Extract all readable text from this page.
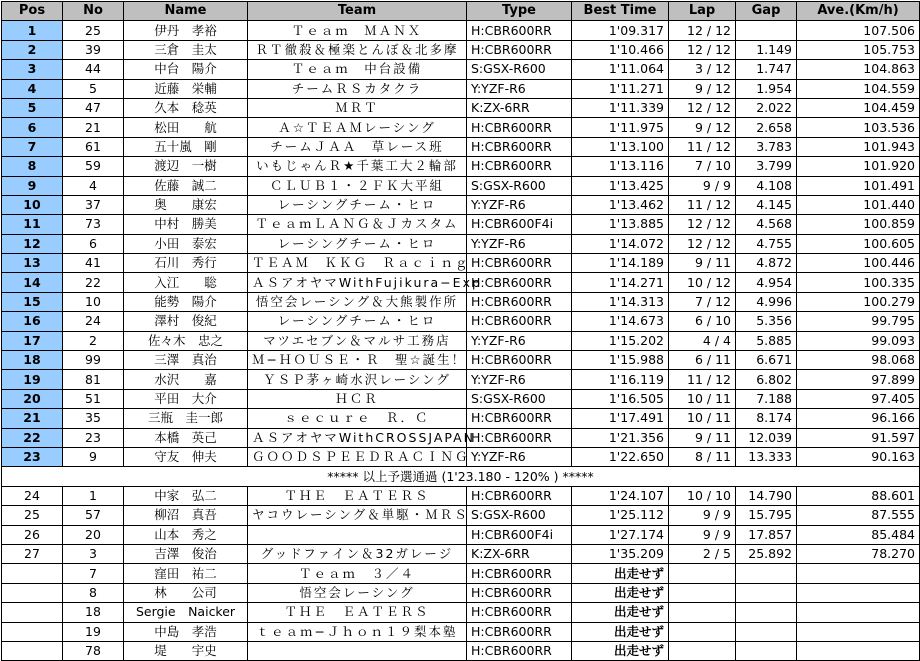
Pos	No	Name	Team	Type	Best Time	Lap	Gap	Ave.(Km/h)
1	25	伊丹　孝裕	Ｔｅａｍ　ＭＡＮＸ	H:CBR600RR	1'09.317	12 / 12		107.506
2	39	三倉　圭太	ＲＴ徹殺＆極楽とんぼ＆北多摩	H:CBR600RR	1'10.466	12 / 12	1.149	105.753
3	44	中台　陽介	Ｔｅａｍ　中台設備	S:GSX-R600	1'11.064	3 / 12	1.747	104.863
4	5	近藤　栄輔	チームＲＳカタクラ	Y:YZF-R6	1'11.271	9 / 12	1.954	104.559
5	47	久本　稔英	ＭＲＴ	K:ZX-6RR	1'11.339	12 / 12	2.022	104.459
6	21	松田　　航	Ａ☆ＴＥＡＭレーシング	H:CBR600RR	1'11.975	9 / 12	2.658	103.536
7	61	五十嵐　剛	チームＪＡＡ　草レース班	H:CBR600RR	1'13.100	11 / 12	3.783	101.943
8	59	渡辺　一樹	いもじゃんＲ★千葉工大２輪部	H:CBR600RR	1'13.116	7 / 10	3.799	101.920
9	4	佐藤　誠二	ＣＬＵＢ１・２ＦＫ大平組	S:GSX-R600	1'13.425	9 / 9	4.108	101.491
10	37	奥　　康宏	レーシングチーム・ヒロ	Y:YZF-R6	1'13.462	11 / 12	4.145	101.440
11	73	中村　勝美	ＴｅａｍＬＡＮＧ＆Ｊカスタム	H:CBR600F4i	1'13.885	12 / 12	4.568	100.859
12	6	小田　泰宏	レーシングチーム・ヒロ	Y:YZF-R6	1'14.072	12 / 12	4.755	100.605
13	41	石川　秀行	ＴＥＡＭ　ＫＫＧ　Ｒａｃｉｎｇ	H:CBR600RR	1'14.189	9 / 11	4.872	100.446
14	22	入江　　聡	ＡＳアオヤマWithFujikura−Exp	H:CBR600RR	1'14.271	10 / 12	4.954	100.335
15	10	能勢　陽介	悟空会レーシング＆大熊製作所	H:CBR600RR	1'14.313	7 / 12	4.996	100.279
16	24	澤村　俊紀	レーシングチーム・ヒロ	H:CBR600RR	1'14.673	6 / 10	5.356	99.795
17	2	佐々木　忠之	マツエセブン＆マルサ工務店	Y:YZF-R6	1'15.202	4 / 4	5.885	99.093
18	99	三澤　真治	Ｍ−ＨＯＵＳＥ・Ｒ　聖☆誕生！	H:CBR600RR	1'15.988	6 / 11	6.671	98.068
19	81	水沢　　嘉	ＹＳＰ茅ヶ崎水沢レーシング	Y:YZF-R6	1'16.119	11 / 12	6.802	97.899
20	51	平田　大介	ＨＣＲ	S:GSX-R600	1'16.505	10 / 11	7.188	97.405
21	35	三瓶　圭一郎	ｓｅｃｕｒｅ　Ｒ．Ｃ	H:CBR600RR	1'17.491	10 / 11	8.174	96.166
22	23	本橋　英己	ＡＳアオヤマWithCROSSJAPAN	H:CBR600RR	1'21.356	9 / 11	12.039	91.597
23	9	守友　伸夫	ＧＯＯＤＳＰＥＥＤＲＡＣＩＮＧ	Y:YZF-R6	1'22.650	8 / 11	13.333	90.163
***** 以上予選通過 (1'23.180 - 120% ) *****								
24	1	中家　弘二	ＴＨＥ　ＥＡＴＥＲＳ	H:CBR600RR	1'24.107	10 / 10	14.790	88.601
25	57	柳沼　真吾	ヤコウレーシング＆単駆・ＭＲＳ	S:GSX-R600	1'25.112	9 / 9	15.795	87.555
26	20	山本　秀之		H:CBR600F4i	1'27.174	9 / 9	17.857	85.484
27	3	吉澤　俊治	グッドファイン＆32ガレージ	K:ZX-6RR	1'35.209	2 / 5	25.892	78.270
	7	窪田　祐二	Ｔｅａｍ　３／４	H:CBR600RR	出走せず			
	8	林　　公司	悟空会レーシング	H:CBR600RR	出走せず			
	18	Sergie　Naicker	ＴＨＥ　ＥＡＴＥＲＳ	H:CBR600RR	出走せず			
	19	中島　孝浩	ｔｅａｍ−Ｊｈｏｎ１９梨本塾	H:CBR600RR	出走せず			
	78	堤　　宇史		H:CBR600RR	出走せず			
